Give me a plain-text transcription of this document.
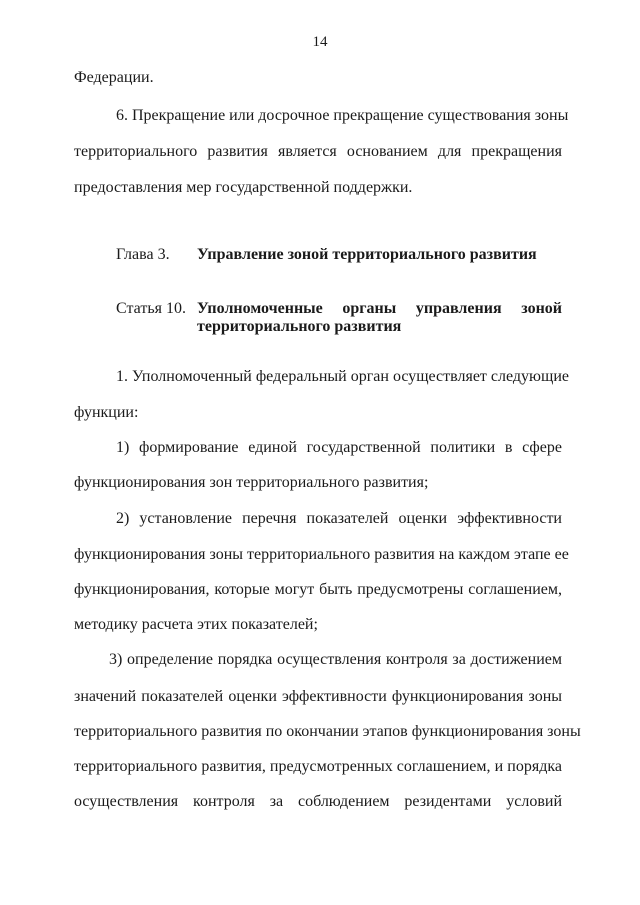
14
Федерации.
6. Прекращение или досрочное прекращение существования зоны
территориального развития является основанием для прекращения
предоставления мер государственной поддержки.
Глава 3. Управление зоной территориального развития
Статья 10. Уполномоченные органы управления зоной
территориального развития
1. Уполномоченный федеральный орган осуществляет следующие
функции:
1) формирование единой государственной политики в сфере
функционирования зон территориального развития;
2) установление перечня показателей оценки эффективности
функционирования зоны территориального развития на каждом этапе ее
функционирования, которые могут быть предусмотрены соглашением,
методику расчета этих показателей;
3) определение порядка осуществления контроля за достижением
значений показателей оценки эффективности функционирования зоны
территориального развития по окончании этапов функционирования зоны
территориального развития, предусмотренных соглашением, и порядка
осуществления контроля за соблюдением резидентами условий
